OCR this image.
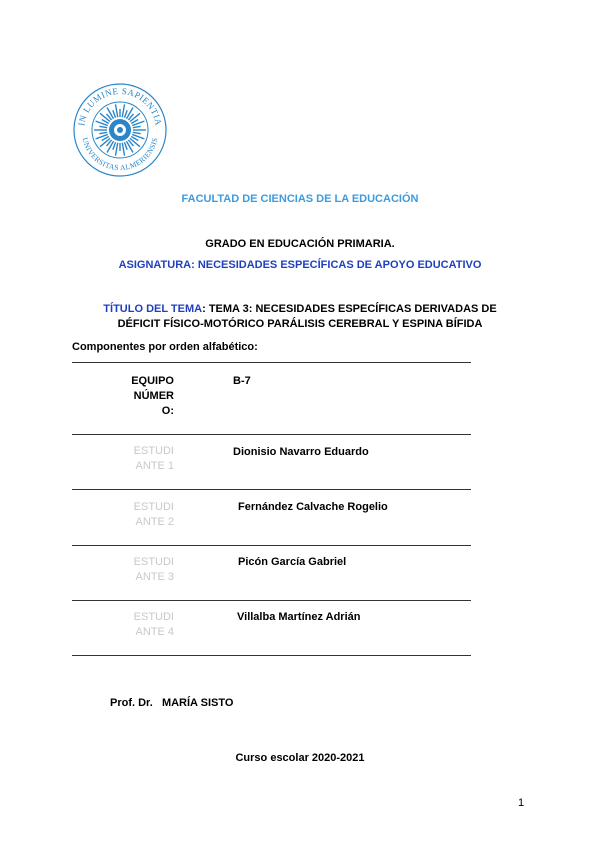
IN LUMINE SAPIENTIA
UNIVERSITAS ALMERIENSIS
FACULTAD DE CIENCIAS DE LA EDUCACIÓN
GRADO EN EDUCACIÓN PRIMARIA.
ASIGNATURA: NECESIDADES ESPECÍFICAS DE APOYO EDUCATIVO
TÍTULO DEL TEMA: TEMA 3: NECESIDADES ESPECÍFICAS DERIVADAS DE
DÉFICIT FÍSICO-MOTÓRICO PARÁLISIS CEREBRAL Y ESPINA BÍFIDA
Componentes por orden alfabético:
EQUIPO
NÚMER
O:
B-7
ESTUDI
ANTE 1
Dionisio Navarro Eduardo
ESTUDI
ANTE 2
Fernández Calvache Rogelio
ESTUDI
ANTE 3
Picón García Gabriel
ESTUDI
ANTE 4
Villalba Martínez Adrián
Prof. Dr.   MARÍA SISTO
Curso escolar 2020-2021
1
